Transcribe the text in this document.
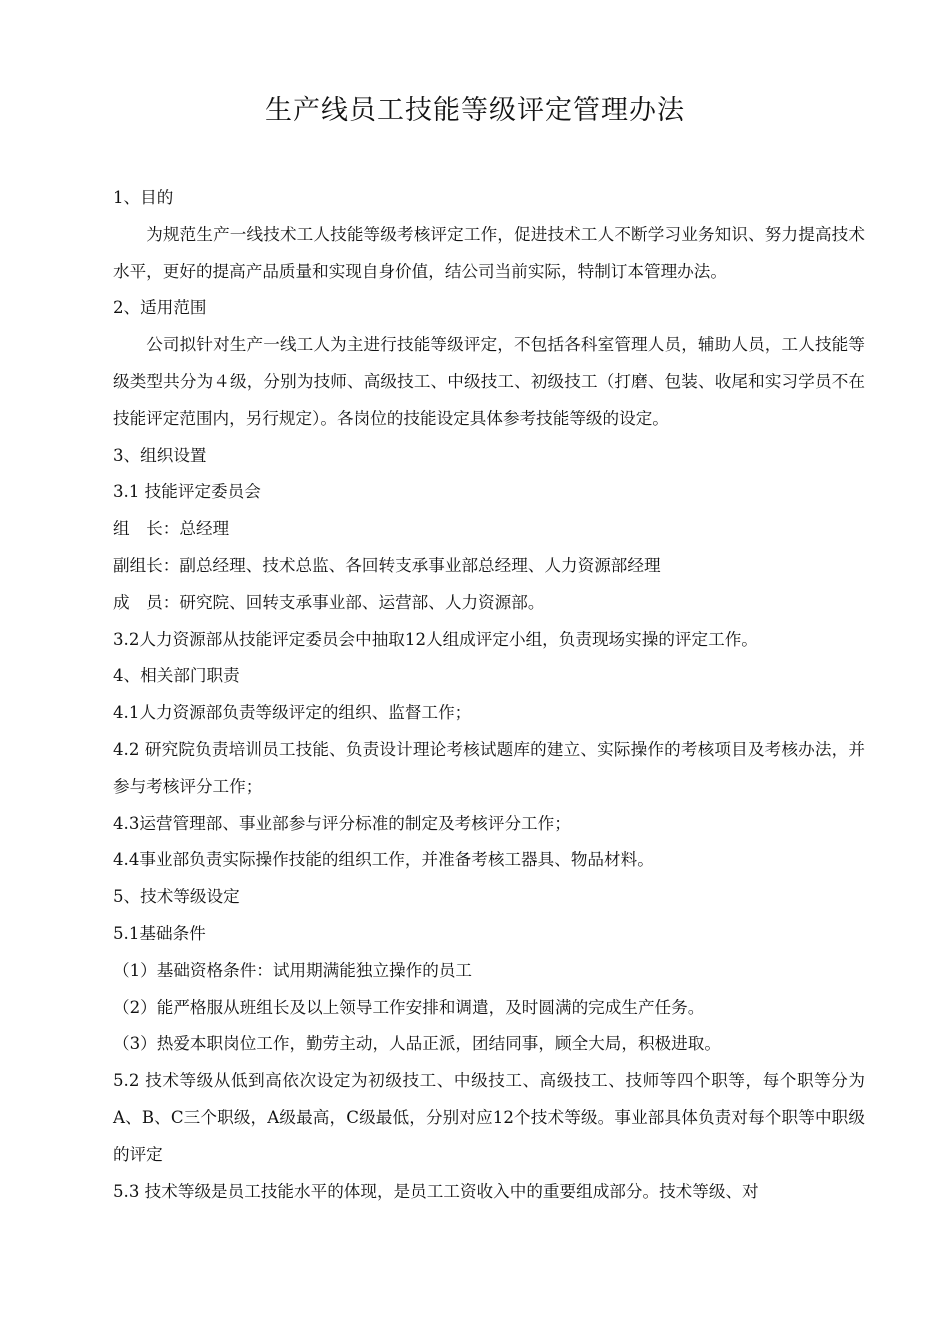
生产线员工技能等级评定管理办法

1、目的

为规范生产一线技术工人技能等级考核评定工作，促进技术工人不断学习业务知识、努力提高技术水平，更好的提高产品质量和实现自身价值，结公司当前实际，特制订本管理办法。

2、适用范围

公司拟针对生产一线工人为主进行技能等级评定，不包括各科室管理人员，辅助人员，工人技能等级类型共分为４级，分别为技师、高级技工、中级技工、初级技工（打磨、包装、收尾和实习学员不在技能评定范围内，另行规定）。各岗位的技能设定具体参考技能等级的设定。

3、组织设置

3.1 技能评定委员会

组　长：总经理

副组长：副总经理、技术总监、各回转支承事业部总经理、人力资源部经理

成　员：研究院、回转支承事业部、运营部、人力资源部。

3.2人力资源部从技能评定委员会中抽取12人组成评定小组，负责现场实操的评定工作。

4、相关部门职责

4.1人力资源部负责等级评定的组织、监督工作；

4.2 研究院负责培训员工技能、负责设计理论考核试题库的建立、实际操作的考核项目及考核办法，并参与考核评分工作；

4.3运营管理部、事业部参与评分标准的制定及考核评分工作；

4.4事业部负责实际操作技能的组织工作，并准备考核工器具、物品材料。

5、技术等级设定

5.1基础条件

（1）基础资格条件：试用期满能独立操作的员工

（2）能严格服从班组长及以上领导工作安排和调遣，及时圆满的完成生产任务。

（3）热爱本职岗位工作，勤劳主动，人品正派，团结同事，顾全大局，积极进取。

5.2 技术等级从低到高依次设定为初级技工、中级技工、高级技工、技师等四个职等，每个职等分为A、B、C三个职级，A级最高，C级最低，分别对应12个技术等级。事业部具体负责对每个职等中职级的评定

5.3 技术等级是员工技能水平的体现，是员工工资收入中的重要组成部分。技术等级、对
